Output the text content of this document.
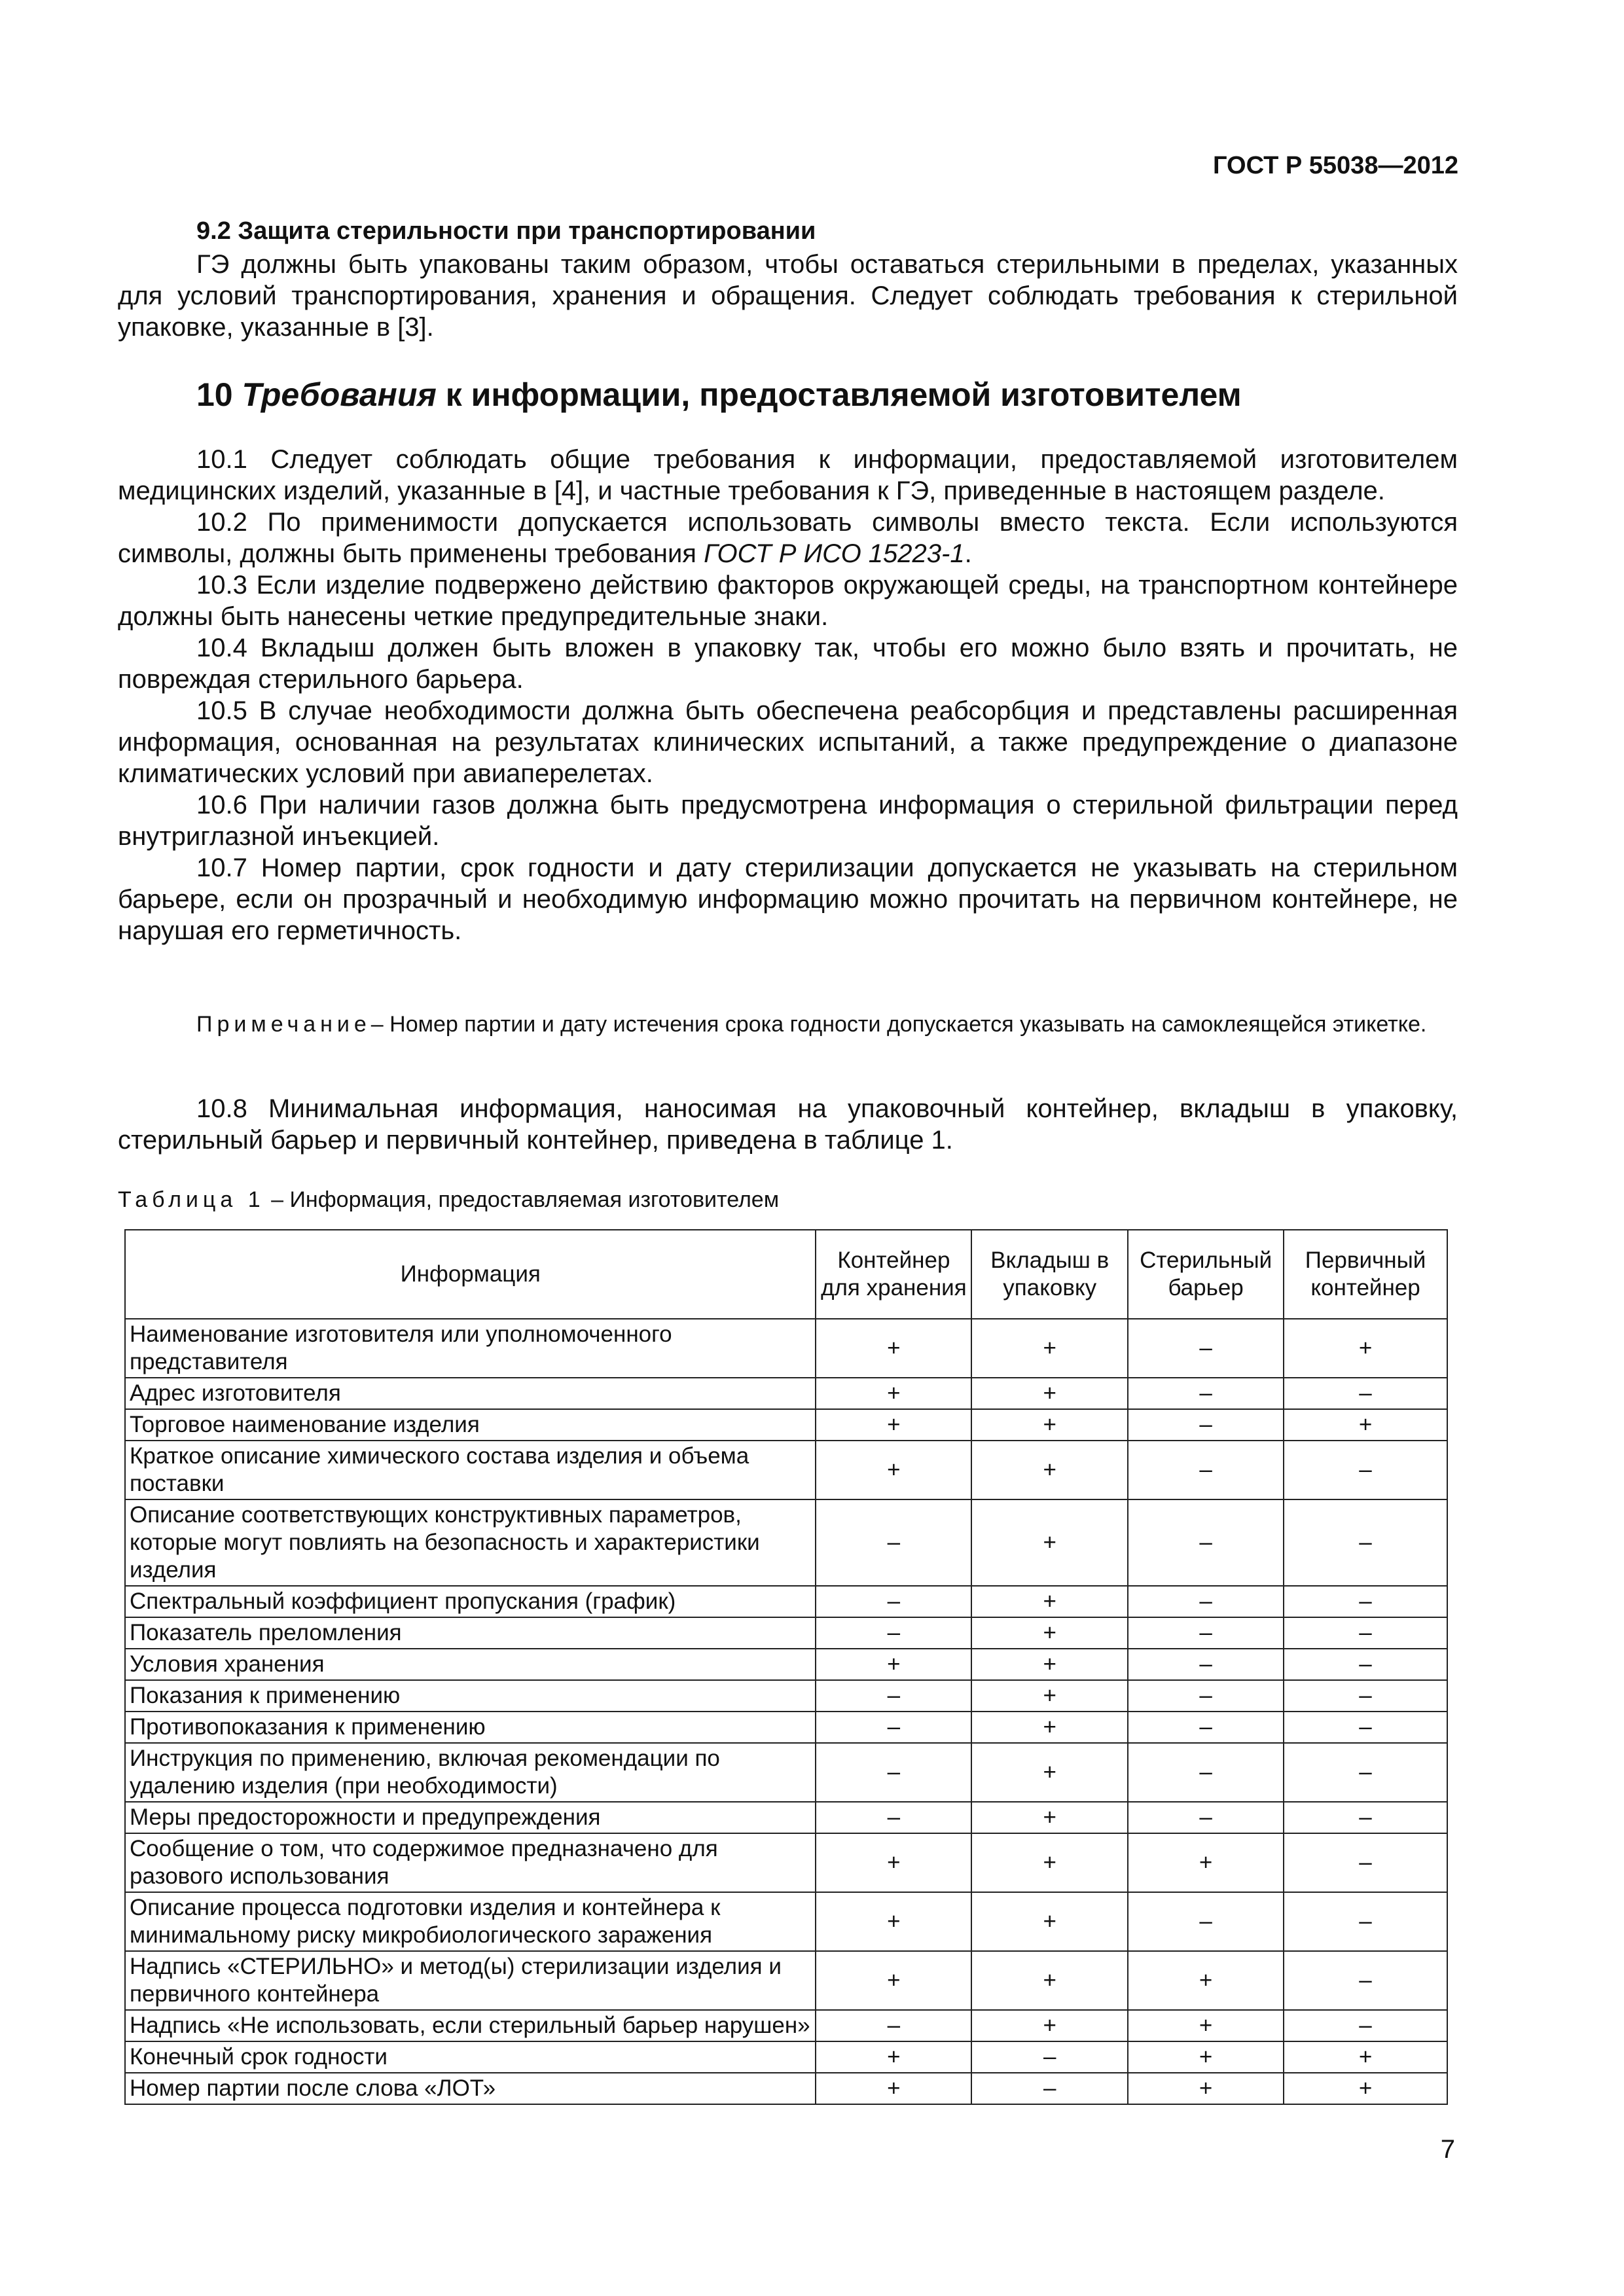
ГОСТ Р 55038—2012
9.2 Защита стерильности при транспортировании
ГЭ должны быть упакованы таким образом, чтобы оставаться стерильными в пределах, указанных для условий транспортирования, хранения и обращения. Следует соблюдать требования к стерильной упаковке, указанные в [3].
10 Требования к информации, предоставляемой изготовителем
10.1 Следует соблюдать общие требования к информации, предоставляемой изготовителем медицинских изделий, указанные в [4], и частные требования к ГЭ, приведенные в настоящем разделе.
10.2 По применимости допускается использовать символы вместо текста. Если используются символы, должны быть применены требования ГОСТ Р ИСО 15223-1.
10.3 Если изделие подвержено действию факторов окружающей среды, на транспортном контейнере должны быть нанесены четкие предупредительные знаки.
10.4 Вкладыш должен быть вложен в упаковку так, чтобы его можно было взять и прочитать, не повреждая стерильного барьера.
10.5 В случае необходимости должна быть обеспечена реабсорбция и представлены расширенная информация, основанная на результатах клинических испытаний, а также предупреждение о диапазоне климатических условий при авиаперелетах.
10.6 При наличии газов должна быть предусмотрена информация о стерильной фильтрации перед внутриглазной инъекцией.
10.7 Номер партии, срок годности и дату стерилизации допускается не указывать на стерильном барьере, если он прозрачный и необходимую информацию можно прочитать на первичном контейнере, не нарушая его герметичность.
Примечание– Номер партии и дату истечения срока годности допускается указывать на самоклеящейся этикетке.
10.8 Минимальная информация, наносимая на упаковочный контейнер, вкладыш в упаковку, стерильный барьер и первичный контейнер, приведена в таблице 1.
Таблица 1 – Информация, предоставляемая изготовителем
Информация	Контейнер для хранения	Вкладыш в упаковку	Стерильный барьер	Первичный контейнер
Наименование изготовителя или уполномоченного представителя	+	+	–	+
Адрес изготовителя	+	+	–	–
Торговое наименование изделия	+	+	–	+
Краткое описание химического состава изделия и объема поставки	+	+	–	–
Описание соответствующих конструктивных параметров, которые могут повлиять на безопасность и характеристики изделия	–	+	–	–
Спектральный коэффициент пропускания (график)	–	+	–	–
Показатель преломления	–	+	–	–
Условия хранения	+	+	–	–
Показания к применению	–	+	–	–
Противопоказания к применению	–	+	–	–
Инструкция по применению, включая рекомендации по удалению изделия (при необходимости)	–	+	–	–
Меры предосторожности и предупреждения	–	+	–	–
Сообщение о том, что содержимое предназначено для разового использования	+	+	+	–
Описание процесса подготовки изделия и контейнера к минимальному риску микробиологического заражения	+	+	–	–
Надпись «СТЕРИЛЬНО» и метод(ы) стерилизации изделия и первичного контейнера	+	+	+	–
Надпись «Не использовать, если стерильный барьер нарушен»	–	+	+	–
Конечный срок годности	+	–	+	+
Номер партии после слова «ЛОТ»	+	–	+	+
7
